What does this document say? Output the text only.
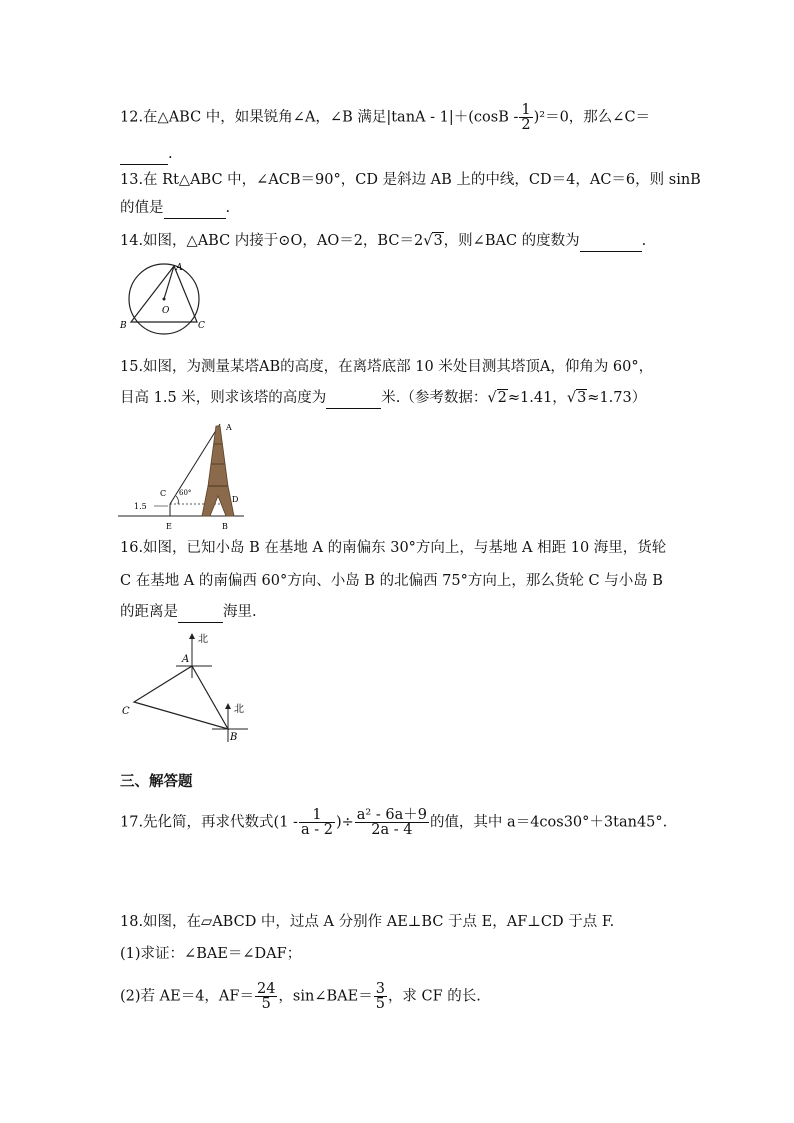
12.在△ABC 中，如果锐角∠A，∠B 满足$|\tan A - 1|+(\cos B - \frac{1}{2} )^2=0$，那么∠C＝
.
13.在 Rt△ABC 中，∠ACB＝90°，CD 是斜边 AB 上的中线，CD＝4，AC＝6，则 sinB
的值是	.
14.如图，△ABC 内接于⊙O，AO＝2，BC＝2√3，则∠BAC 的度数为	.
A
B	C
O
15.如图，为测量某塔AB的高度，在离塔底部 10 米处目测其塔顶A，仰角为 60°，
目高 1.5 米，则求该塔的高度为	米.（参考数据：√2≈1.41，√3≈1.73）
A
C
D
E	B
1.5
60°
16.如图，已知小岛 B 在基地 A 的南偏东 30°方向上，与基地 A 相距 10 海里，货轮
C 在基地 A 的南偏西 60°方向、小岛 B 的北偏西 75°方向上，那么货轮 C 与小岛 B
的距离是	海里.
北
北
A
C
B
三、解答题
17.先化简，再求代数式($1 - \frac{1}{a - 2}$ )÷ $\frac{\text{a² - 6a＋9}}{2a - 4}$ 的值，其中 a＝4cos30°＋3tan45°.
18.如图，在▱ABCD 中，过点 A 分别作 AE⊥BC 于点 E，AF⊥CD 于点 F.
(1)求证：∠BAE＝∠DAF；
(2)若 AE＝4，$AF= \frac{24}{5}$ ，sin∠BAE＝ $\frac{3}{5}$ ，求 CF 的长.
